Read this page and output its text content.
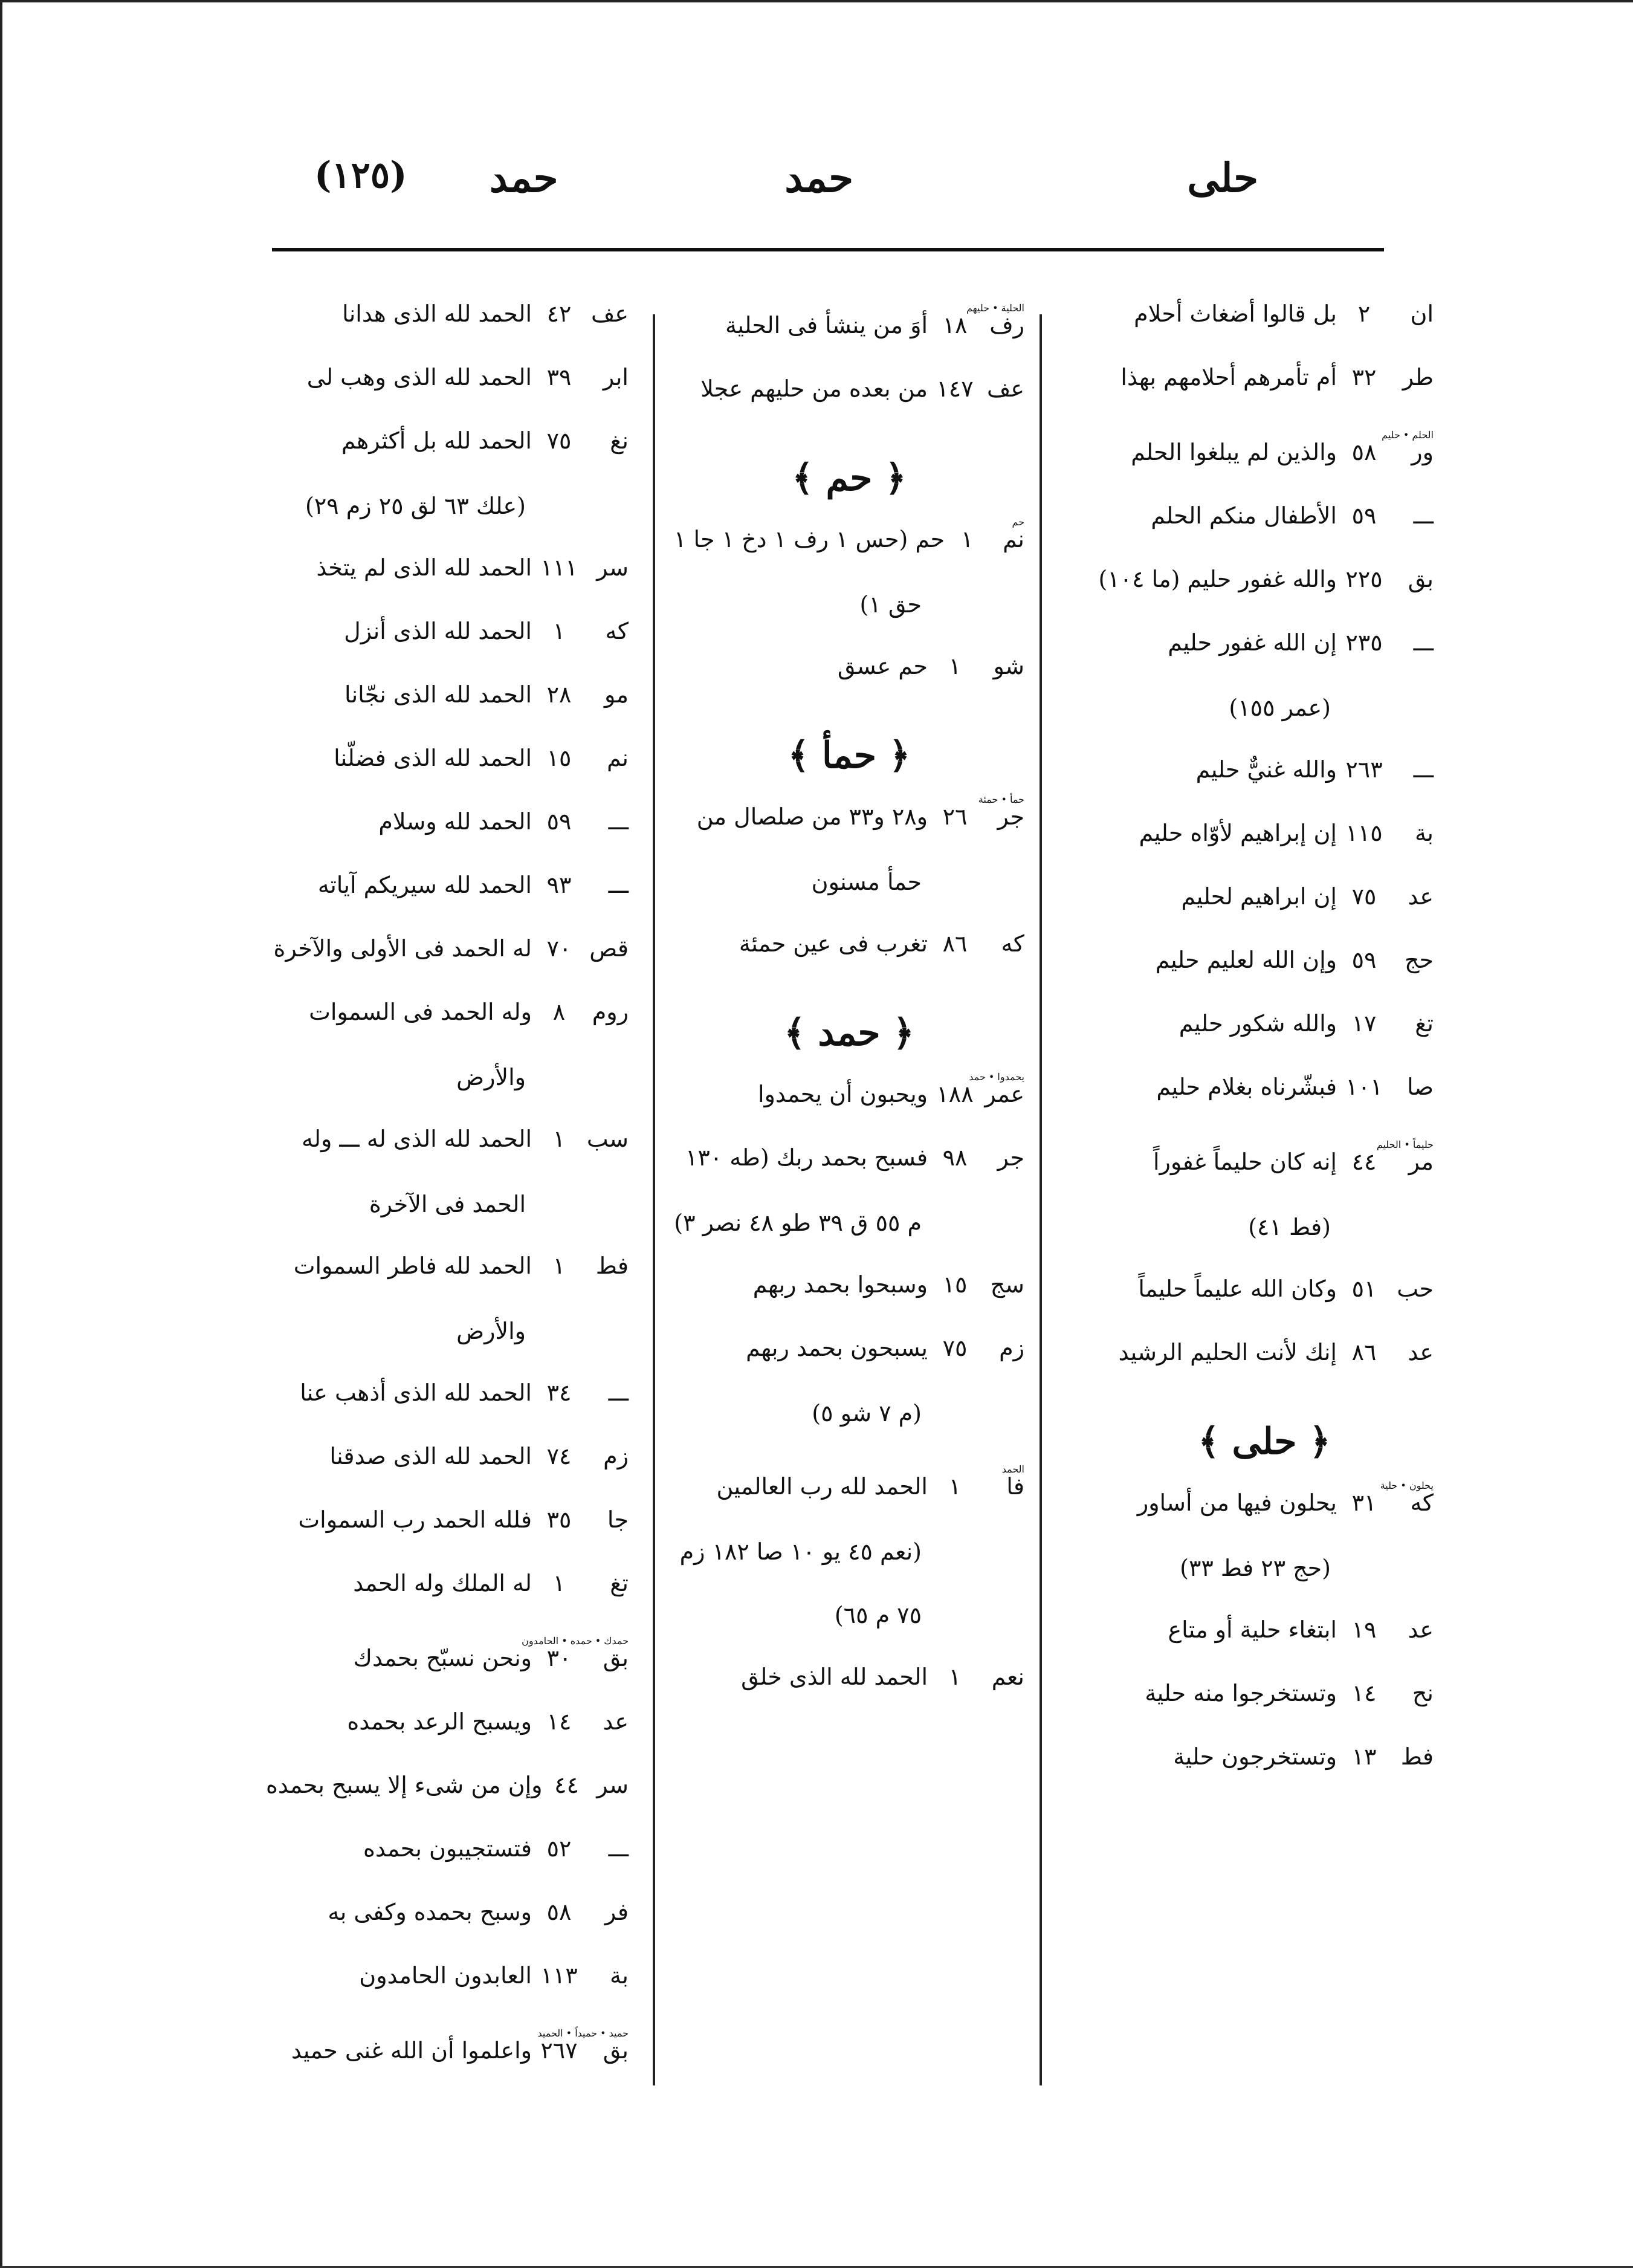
حلى
حمد
حمد
(١٢٥)
ان
٢
بل قالوا أضغاث أحلام
طر
٣٢
أم تأمرهم أحلامهم بهذا
الحلم • حليم
ور
٥٨
والذين لم يبلغوا الحلم
ـــ
٥٩
الأطفال منكم الحلم
بق
٢٢٥
والله غفور حليم (ما ١٠٤)
ـــ
٢٣٥
إن الله غفور حليم
(عمر ١٥٥)
ـــ
٢٦٣
والله غنيٌّ حليم
بة
١١٥
إن إبراهيم لأوّاه حليم
عد
٧٥
إن ابراهيم لحليم
حج
٥٩
وإن الله لعليم حليم
تغ
١٧
والله شكور حليم
صا
١٠١
فبشّرناه بغلام حليم
حليماً • الحليم
مر
٤٤
إنه كان حليماً غفوراً
(فط ٤١)
حب
٥١
وكان الله عليماً حليماً
عد
٨٦
إنك لأنت الحليم الرشيد
﴿ حلى ﴾
يحلون • حلية
كه
٣١
يحلون فيها من أساور
(حج ٢٣ فط ٣٣)
عد
١٩
ابتغاء حلية أو متاع
نح
١٤
وتستخرجوا منه حلية
فط
١٣
وتستخرجون حلية
الحلية • حليهم
رف
١٨
أوَ من ينشأ فى الحلية
عف
١٤٧
من بعده من حليهم عجلا
﴿ حم ﴾
حم
نم
١
حم (حس ١ رف ١ دخ ١ جا ١
حق ١)
شو
١
حم عسق
﴿ حمأ ﴾
حمأ • حمئة
جر
٢٦
و٢٨ و٣٣ من صلصال من
حمأ مسنون
كه
٨٦
تغرب فى عين حمئة
﴿ حمد ﴾
يحمدوا • حمد
عمر
١٨٨
ويحبون أن يحمدوا
جر
٩٨
فسبح بحمد ربك (طه ١٣٠
م ٥٥ ق ٣٩ طو ٤٨ نصر ٣)
سج
١٥
وسبحوا بحمد ربهم
زم
٧٥
يسبحون بحمد ربهم
(م ٧ شو ٥)
الحمد
فا
١
الحمد لله رب العالمين
(نعم ٤٥ يو ١٠ صا ١٨٢ زم
٧٥ م ٦٥)
نعم
١
الحمد لله الذى خلق
عف
٤٢
الحمد لله الذى هدانا
ابر
٣٩
الحمد لله الذى وهب لى
نغ
٧٥
الحمد لله بل أكثرهم
(علك ٦٣ لق ٢٥ زم ٢٩)
سر
١١١
الحمد لله الذى لم يتخذ
كه
١
الحمد لله الذى أنزل
مو
٢٨
الحمد لله الذى نجّانا
نم
١٥
الحمد لله الذى فضلّنا
ـــ
٥٩
الحمد لله وسلام
ـــ
٩٣
الحمد لله سيريكم آياته
قص
٧٠
له الحمد فى الأولى والآخرة
روم
٨
وله الحمد فى السموات
والأرض
سب
١
الحمد لله الذى له ـــ وله
الحمد فى الآخرة
فط
١
الحمد لله فاطر السموات
والأرض
ـــ
٣٤
الحمد لله الذى أذهب عنا
زم
٧٤
الحمد لله الذى صدقنا
جا
٣٥
فلله الحمد رب السموات
تغ
١
له الملك وله الحمد
حمدك • حمده • الحامدون
بق
٣٠
ونحن نسبّح بحمدك
عد
١٤
ويسبح الرعد بحمده
سر
٤٤
وإن من شىء إلا يسبح بحمده
ـــ
٥٢
فتستجيبون بحمده
فر
٥٨
وسبح بحمده وكفى به
بة
١١٣
العابدون الحامدون
حميد • حميداً • الحميد
بق
٢٦٧
واعلموا أن الله غنى حميد
